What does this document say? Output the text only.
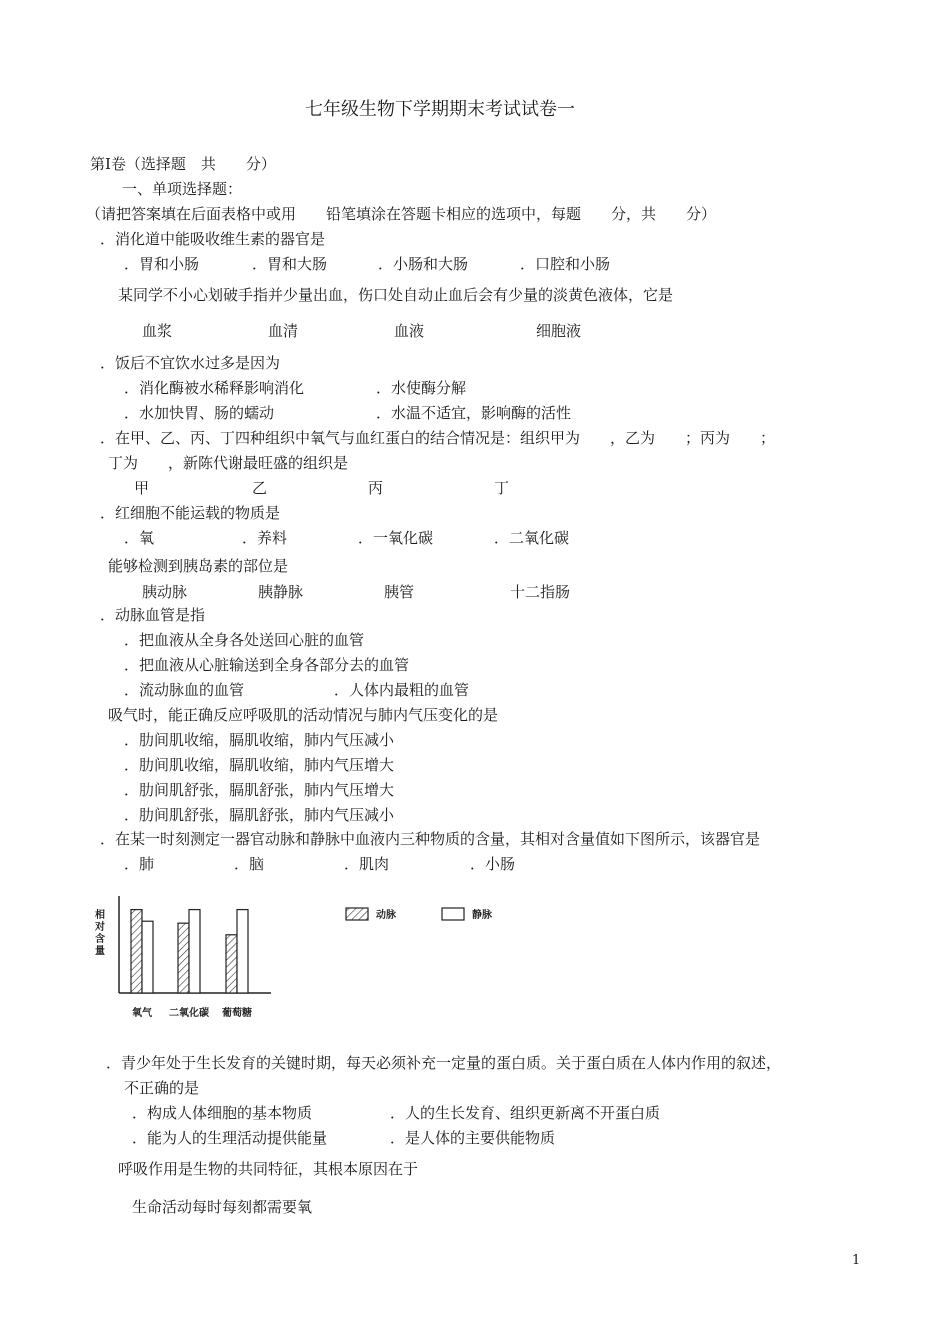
七年级生物下学期期末考试试卷一
第Ⅰ卷（选择题　共　　分）
一、单项选择题：
（请把答案填在后面表格中或用　　铅笔填涂在答题卡相应的选项中，每题　　分，共　　分）
．消化道中能吸收维生素的器官是
．胃和小肠	．胃和大肠	．小肠和大肠	．口腔和小肠
某同学不小心划破手指并少量出血，伤口处自动止血后会有少量的淡黄色液体，它是
血浆	血清	血液	细胞液
．饭后不宜饮水过多是因为
．消化酶被水稀释影响消化	．水使酶分解
．水加快胃、肠的蠕动	．水温不适宜，影响酶的活性
．在甲、乙、丙、丁四种组织中氧气与血红蛋白的结合情况是：组织甲为　　，乙为　　；丙为　　；
丁为　　，新陈代谢最旺盛的组织是
甲	乙	丙	丁
．红细胞不能运载的物质是
．氧	．养料	．一氧化碳	．二氧化碳
能够检测到胰岛素的部位是
胰动脉	胰静脉	胰管	十二指肠
．动脉血管是指
．把血液从全身各处送回心脏的血管
．把血液从心脏输送到全身各部分去的血管
．流动脉血的血管	．人体内最粗的血管
吸气时，能正确反应呼吸肌的活动情况与肺内气压变化的是
．肋间肌收缩，膈肌收缩，肺内气压减小
．肋间肌收缩，膈肌收缩，肺内气压增大
．肋间肌舒张，膈肌舒张，肺内气压增大
．肋间肌舒张，膈肌舒张，肺内气压减小
．在某一时刻测定一器官动脉和静脉中血液内三种物质的含量，其相对含量值如下图所示，该器官是
．肺	．脑	．肌肉	．小肠
相
对
含
量
氧气 二氧化碳 葡萄糖
动脉	静脉
．青少年处于生长发育的关键时期，每天必须补充一定量的蛋白质。关于蛋白质在人体内作用的叙述，
不正确的是
．构成人体细胞的基本物质	．人的生长发育、组织更新离不开蛋白质
．能为人的生理活动提供能量	．是人体的主要供能物质
呼吸作用是生物的共同特征，其根本原因在于
生命活动每时每刻都需要氧
1
